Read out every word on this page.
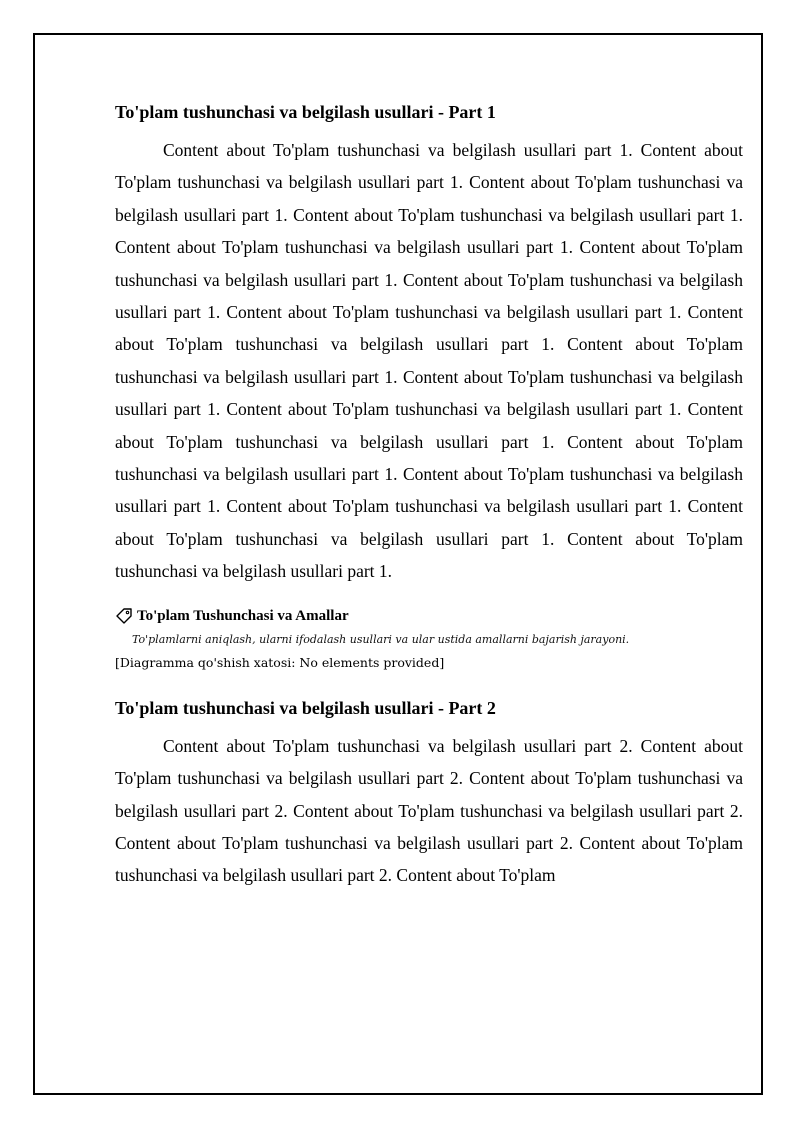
To'plam tushunchasi va belgilash usullari - Part 1

Content about To'plam tushunchasi va belgilash usullari part 1. Content about To'plam tushunchasi va belgilash usullari part 1. Content about To'plam tushunchasi va belgilash usullari part 1. Content about To'plam tushunchasi va belgilash usullari part 1. Content about To'plam tushunchasi va belgilash usullari part 1. Content about To'plam tushunchasi va belgilash usullari part 1. Content about To'plam tushunchasi va belgilash usullari part 1. Content about To'plam tushunchasi va belgilash usullari part 1. Content about To'plam tushunchasi va belgilash usullari part 1. Content about To'plam tushunchasi va belgilash usullari part 1. Content about To'plam tushunchasi va belgilash usullari part 1. Content about To'plam tushunchasi va belgilash usullari part 1. Content about To'plam tushunchasi va belgilash usullari part 1. Content about To'plam tushunchasi va belgilash usullari part 1. Content about To'plam tushunchasi va belgilash usullari part 1. Content about To'plam tushunchasi va belgilash usullari part 1. Content about To'plam tushunchasi va belgilash usullari part 1. Content about To'plam tushunchasi va belgilash usullari part 1.

To'plam Tushunchasi va Amallar
To'plamlarni aniqlash, ularni ifodalash usullari va ular ustida amallarni bajarish jarayoni.
[Diagramma qo'shish xatosi: No elements provided]
To'plam tushunchasi va belgilash usullari - Part 2

Content about To'plam tushunchasi va belgilash usullari part 2. Content about To'plam tushunchasi va belgilash usullari part 2. Content about To'plam tushunchasi va belgilash usullari part 2. Content about To'plam tushunchasi va belgilash usullari part 2. Content about To'plam tushunchasi va belgilash usullari part 2. Content about To'plam tushunchasi va belgilash usullari part 2. Content about To'plam
